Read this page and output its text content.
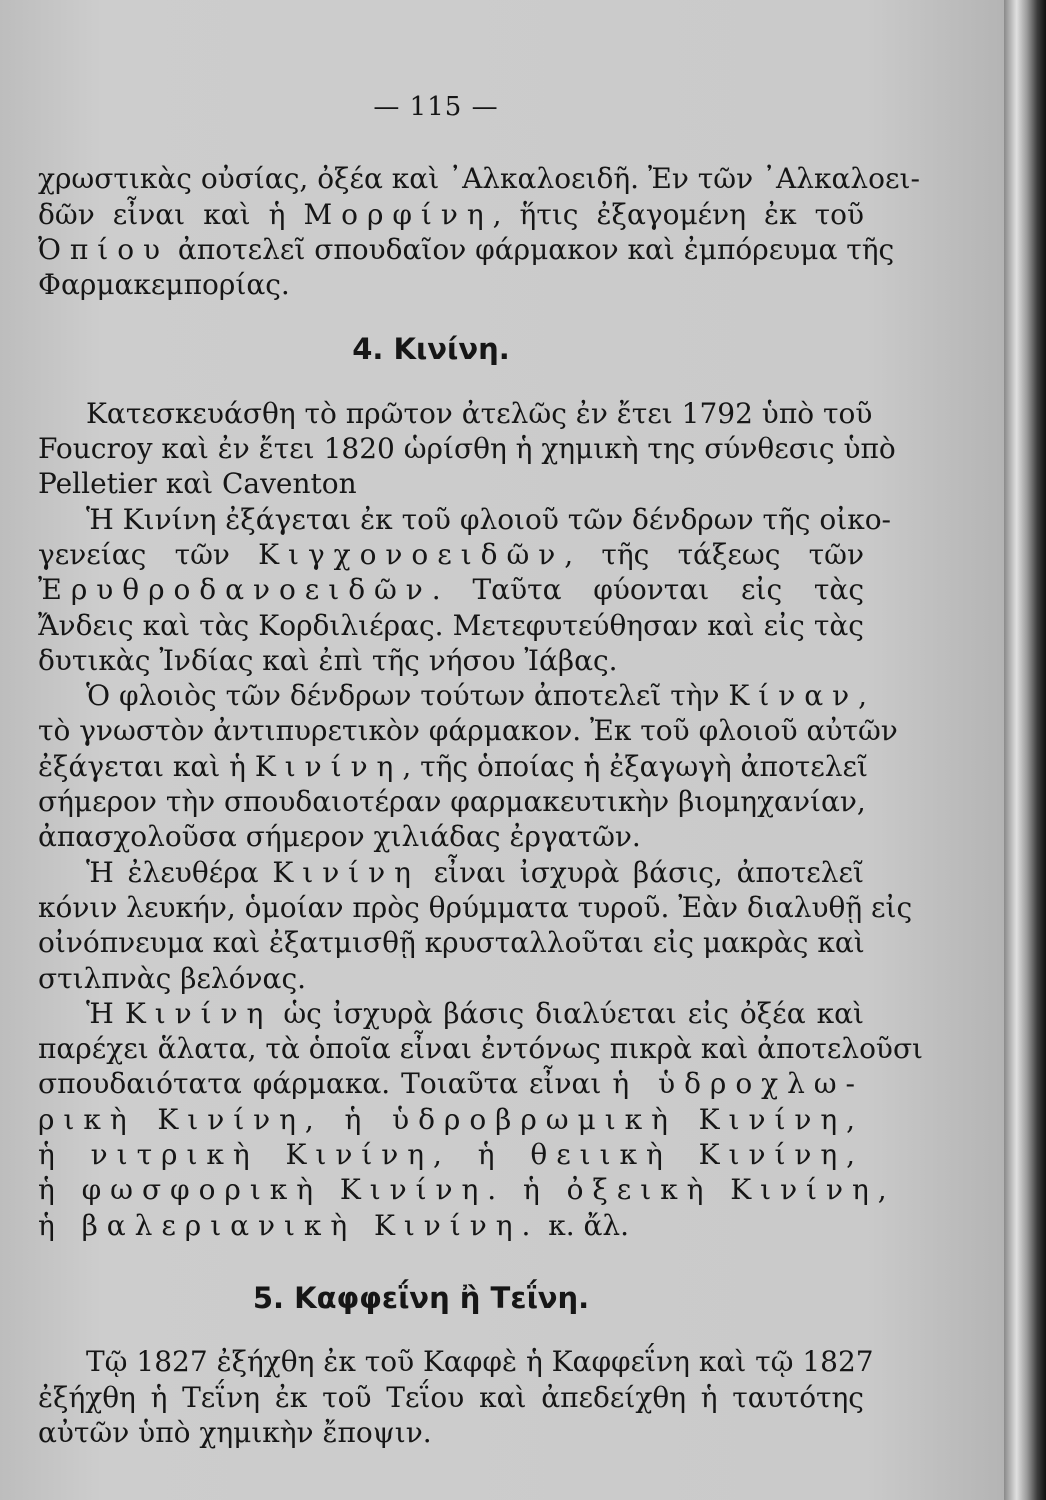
— 115 —
χρωστικὰς οὐσίας, ὀξέα καὶ ᾿Αλκαλοειδῆ. Ἐν τῶν ᾿Αλκαλοει-
δῶν εἶναι καὶ ἡ Μορφίνη, ἥτις ἐξαγομένη ἐκ τοῦ
Ὀπίου ἀποτελεῖ σπουδαῖον φάρμακον καὶ ἐμπόρευμα τῆς
Φαρμακεμπορίας.
4. Κινίνη.
Κατεσκευάσθη τὸ πρῶτον ἀτελῶς ἐν ἔτει 1792 ὑπὸ τοῦ
Foucroy καὶ ἐν ἔτει 1820 ὡρίσθη ἡ χημικὴ της σύνθεσις ὑπὸ
Pelletier καὶ Caventon
Ἡ Κινίνη ἐξάγεται ἐκ τοῦ φλοιοῦ τῶν δένδρων τῆς οἰκο-
γενείας τῶν Κιγχονοειδῶν, τῆς τάξεως τῶν
Ἐρυθροδανοειδῶν. Ταῦτα φύονται εἰς τὰς
Ἄνδεις καὶ τὰς Κορδιλιέρας. Μετεφυτεύθησαν καὶ εἰς τὰς
δυτικὰς Ἰνδίας καὶ ἐπὶ τῆς νήσου Ἰάβας.
Ὁ φλοιὸς τῶν δένδρων τούτων ἀποτελεῖ τὴν Κίναν,
τὸ γνωστὸν ἀντιπυρετικὸν φάρμακον. Ἐκ τοῦ φλοιοῦ αὐτῶν
ἐξάγεται καὶ ἡ Κινίνη, τῆς ὁποίας ἡ ἐξαγωγὴ ἀποτελεῖ
σήμερον τὴν σπουδαιοτέραν φαρμακευτικὴν βιομηχανίαν,
ἀπασχολοῦσα σήμερον χιλιάδας ἐργατῶν.
Ἡ ἐλευθέρα Κινίνη εἶναι ἰσχυρὰ βάσις, ἀποτελεῖ
κόνιν λευκήν, ὁμοίαν πρὸς θρύμματα τυροῦ. Ἐὰν διαλυθῇ εἰς
οἰνόπνευμα καὶ ἐξατμισθῇ κρυσταλλοῦται εἰς μακρὰς καὶ
στιλπνὰς βελόνας.
Ἡ Κινίνη ὡς ἰσχυρὰ βάσις διαλύεται εἰς ὀξέα καὶ
παρέχει ἅλατα, τὰ ὁποῖα εἶναι ἐντόνως πικρὰ καὶ ἀποτελοῦσι
σπουδαιότατα φάρμακα. Τοιαῦτα εἶναι ἡ ὑδροχλω-
ρικὴ Κινίνη, ἡ ὑδροβρωμικὴ Κινίνη,
ἡ νιτρικὴ Κινίνη, ἡ θειικὴ Κινίνη,
ἡ φωσφορικὴ Κινίνη. ἡ ὀξεικὴ Κινίνη,
ἡ βαλεριανικὴ Κινίνη. κ. ἄλ.
5. Καφφεΐνη ἢ Τεΐνη.
Τῷ 1827 ἐξήχθη ἐκ τοῦ Καφφὲ ἡ Καφφεΐνη καὶ τῷ 1827
ἐξήχθη ἡ Τεΐνη ἐκ τοῦ Τεΐου καὶ ἀπεδείχθη ἡ ταυτότης
αὐτῶν ὑπὸ χημικὴν ἔποψιν.
